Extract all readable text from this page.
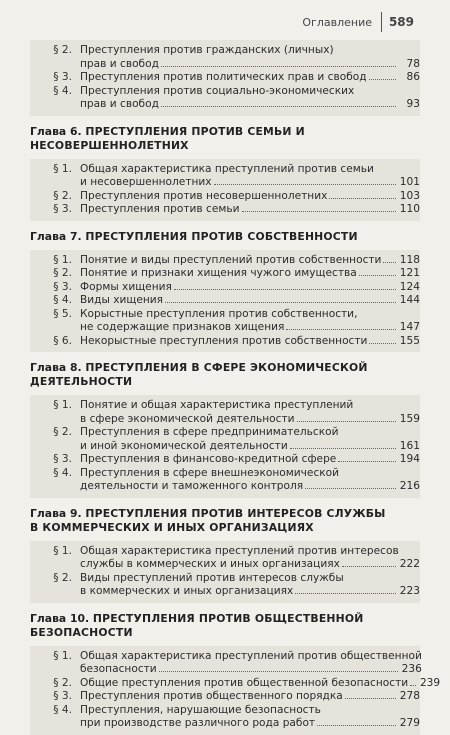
Оглавление 589
§ 2. Преступления против гражданских (личных)
прав и свобод	78
§ 3. Преступления против политических прав и свобод	86
§ 4. Преступления против социально-экономических
прав и свобод	93
Глава 6. ПРЕСТУПЛЕНИЯ ПРОТИВ СЕМЬИ И НЕСОВЕРШЕННОЛЕТНИХ
§ 1. Общая характеристика преступлений против семьи
и несовершеннолетних	101
§ 2. Преступления против несовершеннолетних	103
§ 3. Преступления против семьи	110
Глава 7. ПРЕСТУПЛЕНИЯ ПРОТИВ СОБСТВЕННОСТИ
§ 1. Понятие и виды преступлений против собственности 118
§ 2. Понятие и признаки хищения чужого имущества	121
§ 3. Формы хищения	124
§ 4. Виды хищения	144
§ 5. Корыстные преступления против собственности,
не содержащие признаков хищения	147
§ 6. Некорыстные преступления против собственности	155
Глава 8. ПРЕСТУПЛЕНИЯ В СФЕРЕ ЭКОНОМИЧЕСКОЙ ДЕЯТЕЛЬНОСТИ
§ 1. Понятие и общая характеристика преступлений
в сфере экономической деятельности	159
§ 2. Преступления в сфере предпринимательской
и иной экономической деятельности	161
§ 3. Преступления в финансово-кредитной сфере	194
§ 4. Преступления в сфере внешнеэкономической
деятельности и таможенного контроля	216
Глава 9. ПРЕСТУПЛЕНИЯ ПРОТИВ ИНТЕРЕСОВ СЛУЖБЫ
В КОММЕРЧЕСКИХ И ИНЫХ ОРГАНИЗАЦИЯХ
§ 1. Общая характеристика преступлений против интересов
службы в коммерческих и иных организациях	222
§ 2. Виды преступлений против интересов службы
в коммерческих и иных организациях	223
Глава 10. ПРЕСТУПЛЕНИЯ ПРОТИВ ОБЩЕСТВЕННОЙ БЕЗОПАСНОСТИ
§ 1. Общая характеристика преступлений против общественной
безопасности	236
§ 2. Общие преступления против общественной безопасности 239
§ 3. Преступления против общественного порядка	278
§ 4. Преступления, нарушающие безопасность
при производстве различного рода работ	279
